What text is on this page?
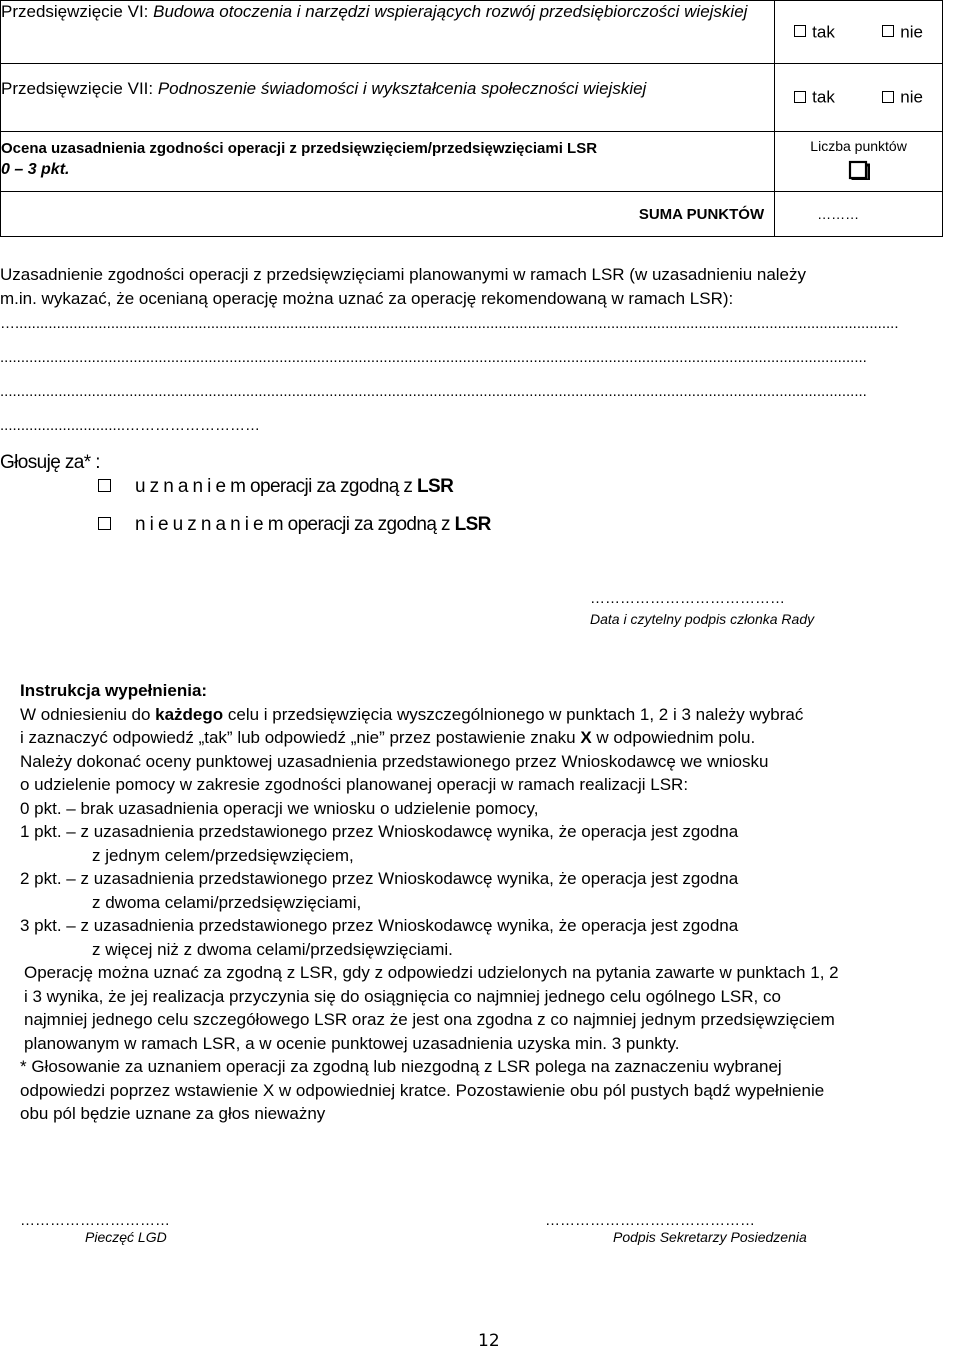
Przedsięwzięcie VI: Budowa otoczenia i narzędzi wspierających rozwój przedsiębiorczości wiejskiej	tak nie
Przedsięwzięcie VII: Podnoszenie świadomości i wykształcenia społeczności wiejskiej	tak nie

Ocena uzasadnienia zgodności operacji z przedsięwzięciem/przedsięwzięciami LSR
0 – 3 pkt.	Liczba punktów

SUMA PUNKTÓW	………
Uzasadnienie zgodności operacji z przedsięwzięciami planowanymi w ramach LSR (w uzasadnieniu należy
m.in. wykazać, że ocenianą operację można uznać za operację rekomendowaną w ramach LSR):
…....................................................................................................................................................................................................................
................................................................................................................................................................................................................
................................................................................................................................................................................................................
..............................………………………
Głosuję za* :
u z n a n i e m operacji za zgodną z LSR
n i e u z n a n i e m operacji za zgodną z LSR
…………………………………
Data i czytelny podpis członka Rady
Instrukcja wypełnienia:
W odniesieniu do każdego celu i przedsięwzięcia wyszczególnionego w punktach 1, 2 i 3 należy wybrać
i zaznaczyć odpowiedź „tak” lub odpowiedź „nie” przez postawienie znaku X w odpowiednim polu.
Należy dokonać oceny punktowej uzasadnienia przedstawionego przez Wnioskodawcę we wniosku
o udzielenie pomocy w zakresie zgodności planowanej operacji w ramach realizacji LSR:
0 pkt. – brak uzasadnienia operacji we wniosku o udzielenie pomocy,
1 pkt. – z uzasadnienia przedstawionego przez Wnioskodawcę wynika, że operacja jest zgodna
z jednym celem/przedsięwzięciem,
2 pkt. – z uzasadnienia przedstawionego przez Wnioskodawcę wynika, że operacja jest zgodna
z dwoma celami/przedsięwzięciami,
3 pkt. – z uzasadnienia przedstawionego przez Wnioskodawcę wynika, że operacja jest zgodna
z więcej niż z dwoma celami/przedsięwzięciami.
Operację można uznać za zgodną z LSR, gdy z odpowiedzi udzielonych na pytania zawarte w punktach 1, 2
i 3 wynika, że jej realizacja przyczynia się do osiągnięcia co najmniej jednego celu ogólnego LSR, co
najmniej jednego celu szczegółowego LSR oraz że jest ona zgodna z co najmniej jednym przedsięwzięciem
planowanym w ramach LSR, a w ocenie punktowej uzasadnienia uzyska min. 3 punkty.
* Głosowanie za uznaniem operacji za zgodną lub niezgodną z LSR polega na zaznaczeniu wybranej
odpowiedzi poprzez wstawienie X w odpowiedniej kratce. Pozostawienie obu pól pustych bądź wypełnienie
obu pól będzie uznane za głos nieważny
…………………………
Pieczęć LGD
……………………………………
Podpis Sekretarzy Posiedzenia
12
